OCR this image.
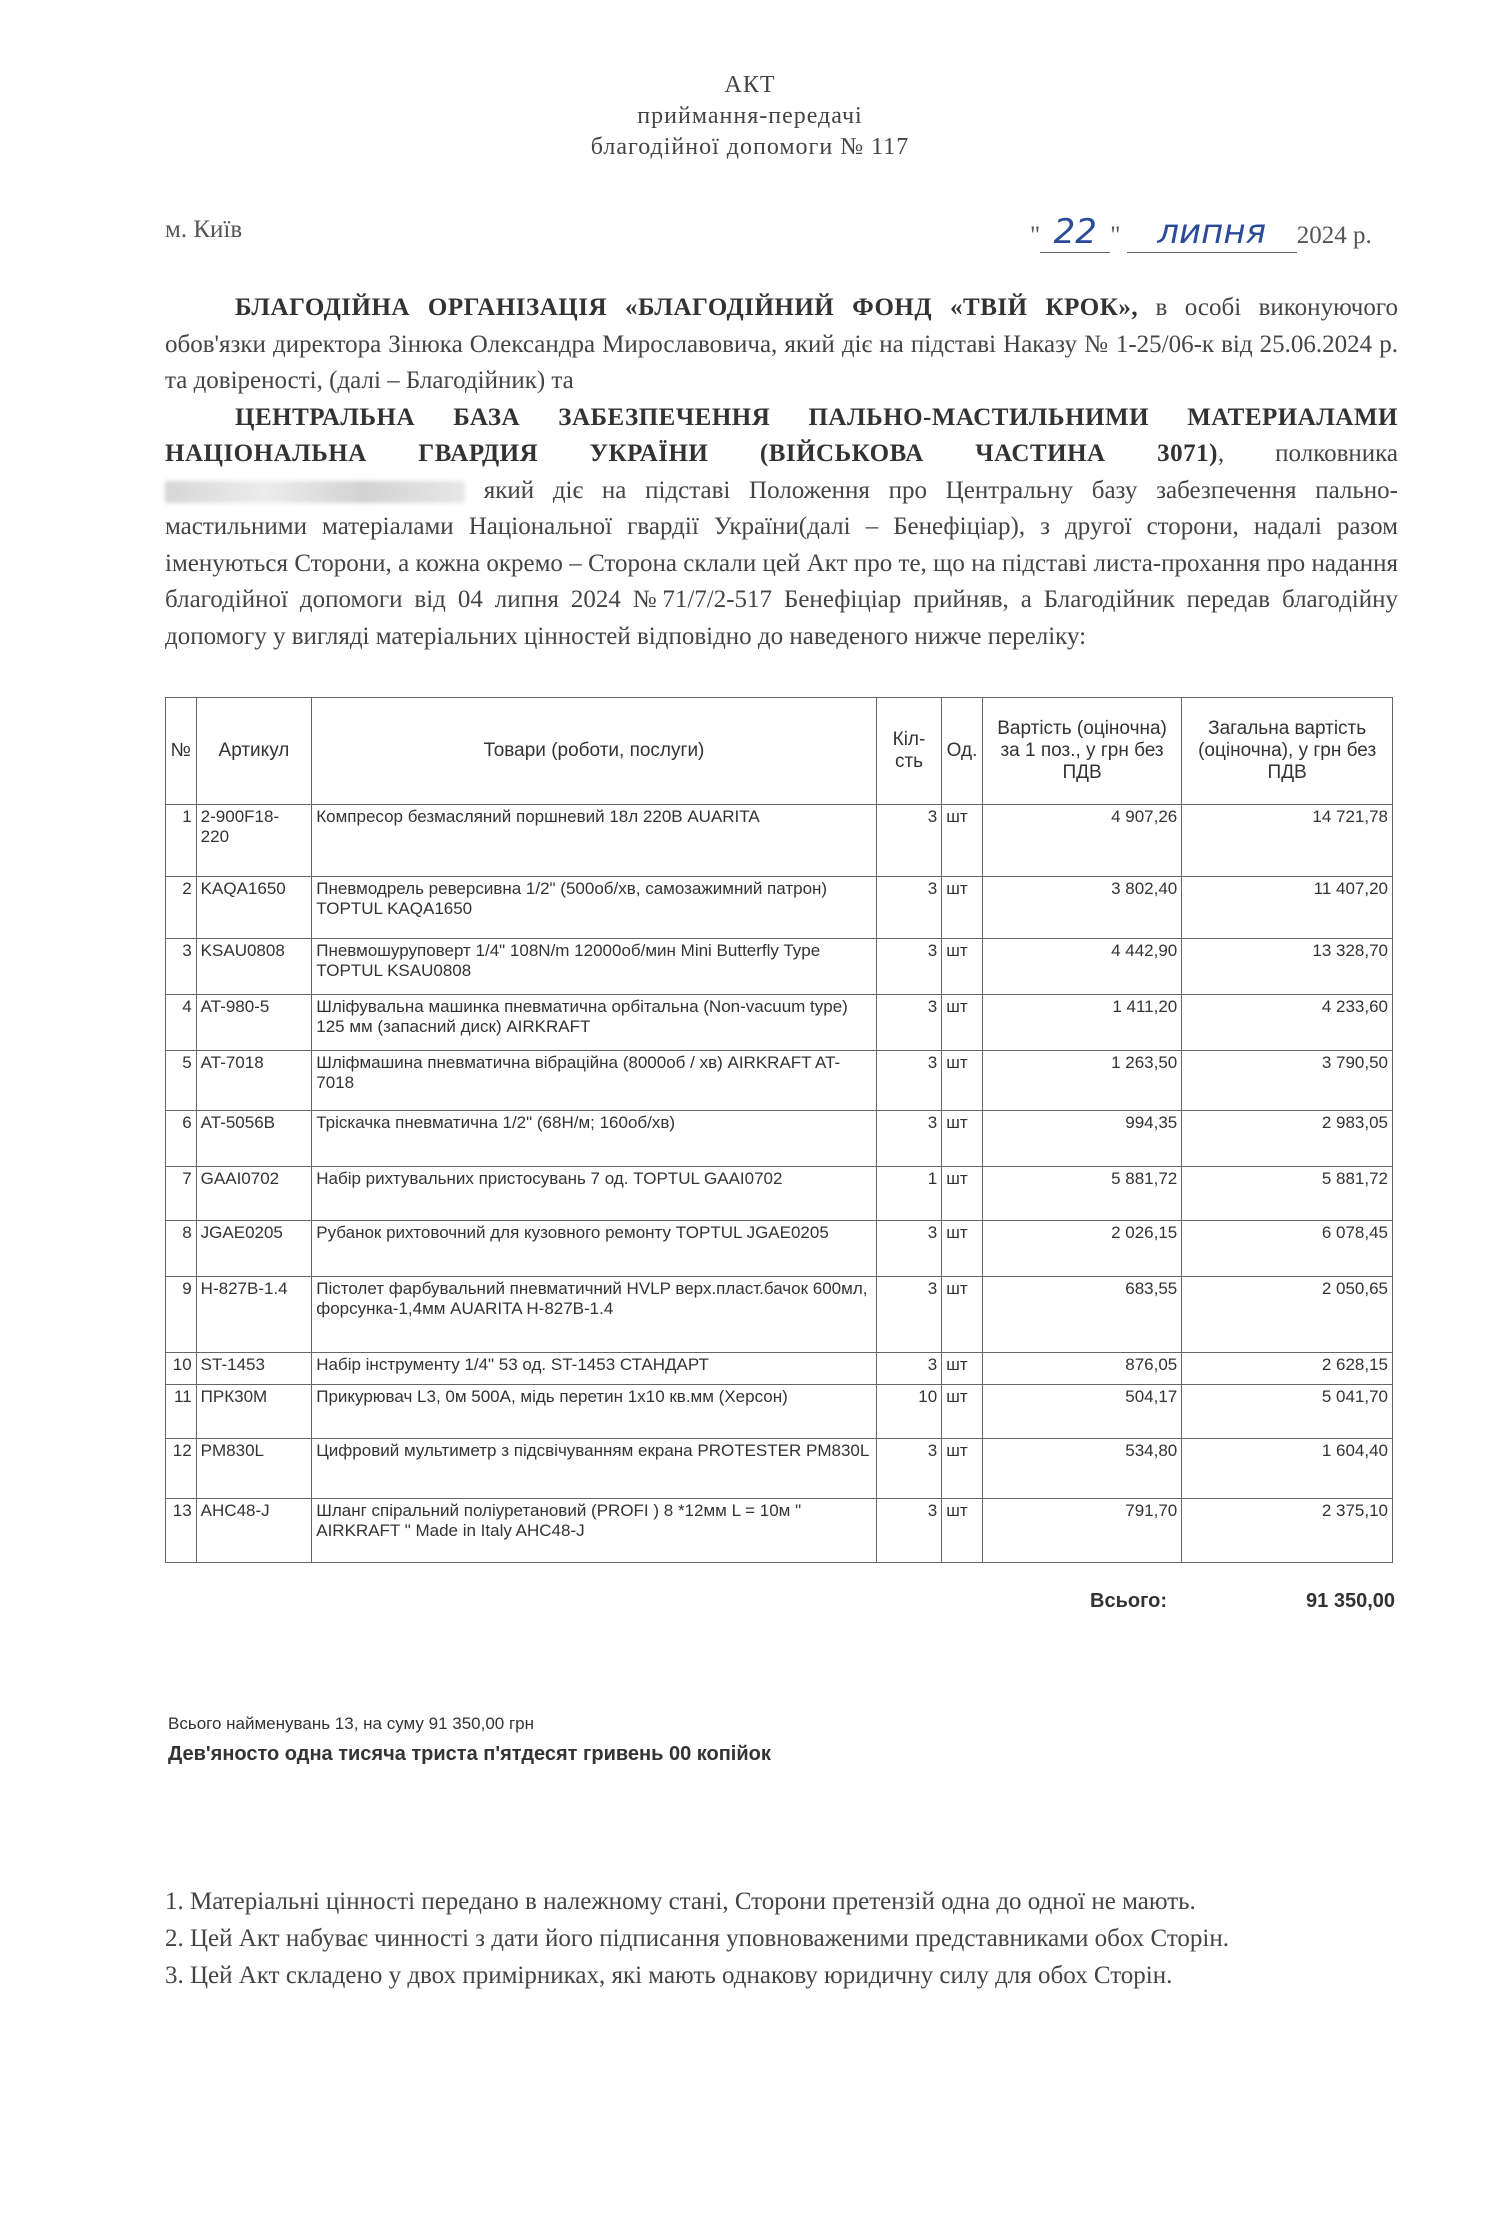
АКТ
приймання-передачі
благодійної допомоги № 117
м. Київ	" 22 " липня 2024 р.
БЛАГОДІЙНА ОРГАНІЗАЦІЯ «БЛАГОДІЙНИЙ ФОНД «ТВІЙ КРОК», в особі виконуючого обов'язки директора Зінюка Олександра Мирославовича, який діє на підставі Наказу № 1-25/06-к від 25.06.2024 р. та довіреності, (далі – Благодійник) та
ЦЕНТРАЛЬНА БАЗА ЗАБЕЗПЕЧЕННЯ ПАЛЬНО-МАСТИЛЬНИМИ МАТЕРИАЛАМИ НАЦІОНАЛЬНА ГВАРДИЯ УКРАЇНИ (ВІЙСЬКОВА ЧАСТИНА 3071), полковника  який діє на підставі Положення про Центральну базу забезпечення пально-мастильними матеріалами Національної гвардії України(далі – Бенефіціар), з другої сторони, надалі разом іменуються Сторони, а кожна окремо – Сторона склали цей Акт про те, що на підставі листа-прохання про надання благодійної допомоги від 04 липня 2024 №71/7/2-517 Бенефіціар прийняв, а Благодійник передав благодійну допомогу у вигляді матеріальних цінностей відповідно до наведеного нижче переліку:
№	Артикул	Товари (роботи, послуги)	Кіл-сть	Од.	Вартість (оціночна) за 1 поз., у грн без ПДВ	Загальна вартість (оціночна), у грн без ПДВ
1	2-900F18-220	Компресор безмасляний поршневий 18л 220В AUARITA	3	шт	4 907,26	14 721,78
2	KAQA1650	Пневмодрель реверсивна 1/2" (500об/хв, самозажимний патрон) TOPTUL KAQA1650	3	шт	3 802,40	11 407,20
3	KSAU0808	Пневмошуруповерт 1/4" 108N/m 12000об/мин Mini Butterfly Type TOPTUL KSAU0808	3	шт	4 442,90	13 328,70
4	AT-980-5	Шліфувальна машинка пневматична орбітальна (Non-vacuum type) 125 мм (запасний диск) AIRKRAFT	3	шт	1 411,20	4 233,60
5	AT-7018	Шліфмашина пневматична вібраційна (8000об / хв) AIRKRAFT AT-7018	3	шт	1 263,50	3 790,50
6	AT-5056B	Тріскачка пневматична 1/2" (68Н/м; 160об/хв)	3	шт	994,35	2 983,05
7	GAAI0702	Набір рихтувальних пристосувань 7 од. TOPTUL GAAI0702	1	шт	5 881,72	5 881,72
8	JGAE0205	Рубанок рихтовочний для кузовного ремонту TOPTUL JGAE0205	3	шт	2 026,15	6 078,45
9	H-827B-1.4	Пістолет фарбувальний пневматичний HVLP верх.пласт.бачок 600мл, форсунка-1,4мм AUARITA H-827B-1.4	3	шт	683,55	2 050,65
10	ST-1453	Набір інструменту 1/4" 53 од. ST-1453 СТАНДАРТ	3	шт	876,05	2 628,15
11	ПРК30М	Прикурювач L3, 0м 500А, мідь перетин 1х10 кв.мм (Херсон)	10	шт	504,17	5 041,70
12	PM830L	Цифровий мультиметр з підсвічуванням екрана PROTESTER PM830L	3	шт	534,80	1 604,40
13	AHC48-J	Шланг спіральний поліуретановий (PROFI ) 8 *12мм L = 10м " AIRKRAFT " Made in Italy AHC48-J	3	шт	791,70	2 375,10
Всього:	91 350,00
Всього найменувань 13, на суму 91 350,00 грн
Дев'яносто одна тисяча триста п'ятдесят гривень 00 копійок

1. Матеріальні цінності передано в належному стані, Сторони претензій одна до одної не мають.

2. Цей Акт набуває чинності з дати його підписання уповноваженими представниками обох Сторін.

3. Цей Акт складено у двох примірниках, які мають однакову юридичну силу для обох Сторін.
